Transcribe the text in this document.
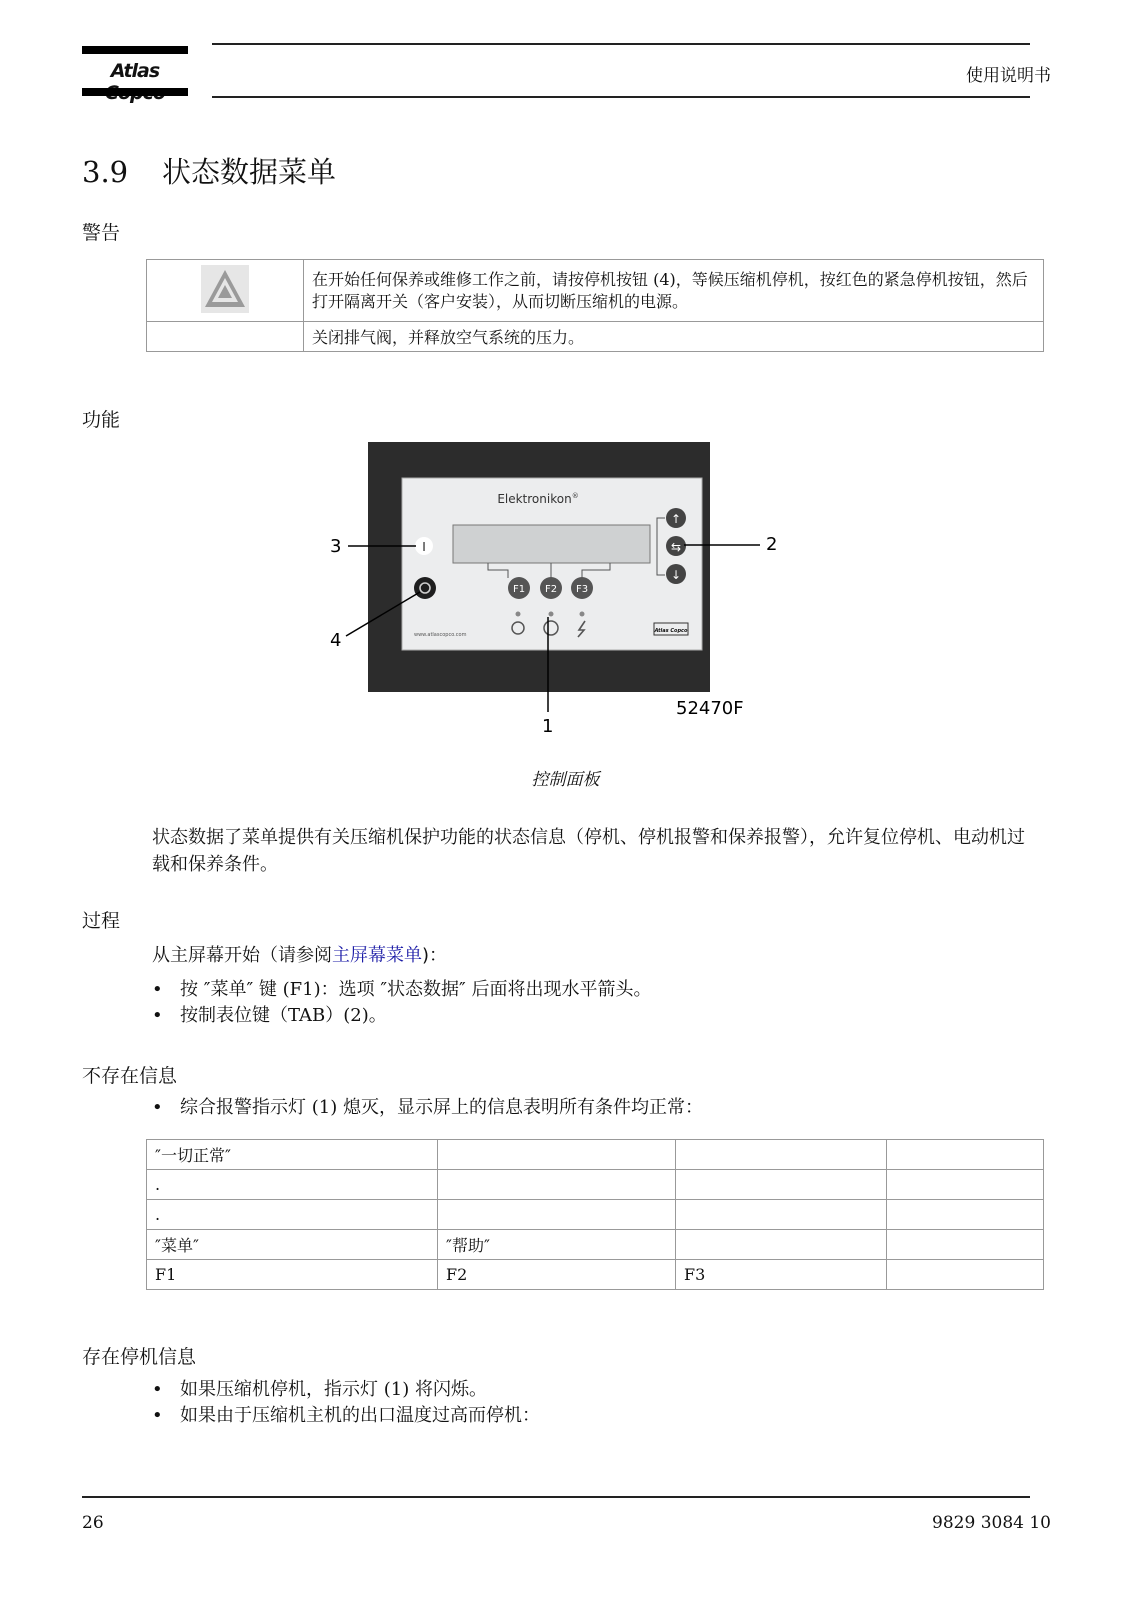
Atlas	使用说明书
3.9 状态数据菜单
警告
	在开始任何保养或维修工作之前，请按停机按钮 (4)，等候压缩机停机，按红色的紧急停机按钮，然后打开隔离开关（客户安装），从而切断压缩机的电源。
	关闭排气阀，并释放空气系统的压力。
功能
Elektronikon®
F1 F2 F3
↑
⇆
↓
I
www.atlascopco.com
Atlas Copco
3	2
4
1
52470F
控制面板
状态数据了菜单提供有关压缩机保护功能的状态信息（停机、停机报警和保养报警），允许复位停机、电动机过载和保养条件。
过程
从主屏幕开始（请参阅主屏幕菜单)：
• 按 ″菜单″ 键 (F1)：选项 ″状态数据″ 后面将出现水平箭头。
• 按制表位键（TAB）(2)。
不存在信息
• 综合报警指示灯 (1) 熄灭，显示屏上的信息表明所有条件均正常：
″一切正常″			
.			
.			
″菜单″	″帮助″		
F1	F2	F3	
存在停机信息
• 如果压缩机停机，指示灯 (1) 将闪烁。
• 如果由于压缩机主机的出口温度过高而停机：
26	9829 3084 10
